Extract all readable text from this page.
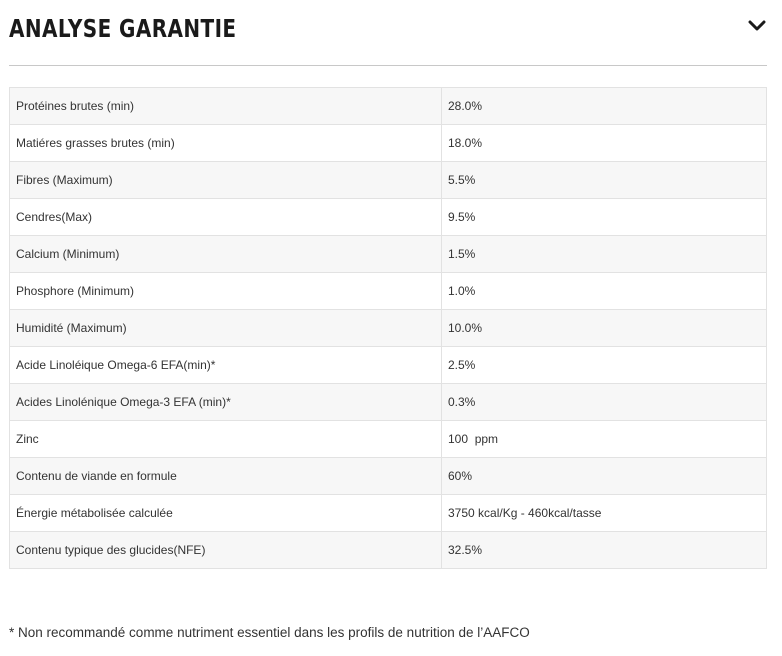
ANALYSE GARANTIE
Protéines brutes (min)	28.0%
Matiéres grasses brutes (min)	18.0%
Fibres (Maximum)	5.5%
Cendres(Max)	9.5%
Calcium (Minimum)	1.5%
Phosphore (Minimum)	1.0%
Humidité (Maximum)	10.0%
Acide Linoléique Omega-6 EFA(min)*	2.5%
Acides Linolénique Omega-3 EFA (min)*	0.3%
Zinc	100  ppm
Contenu de viande en formule	60%
Énergie métabolisée calculée	3750 kcal/Kg - 460kcal/tasse
Contenu typique des glucides(NFE)	32.5%

* Non recommandé comme nutriment essentiel dans les profils de nutrition de l’AAFCO
